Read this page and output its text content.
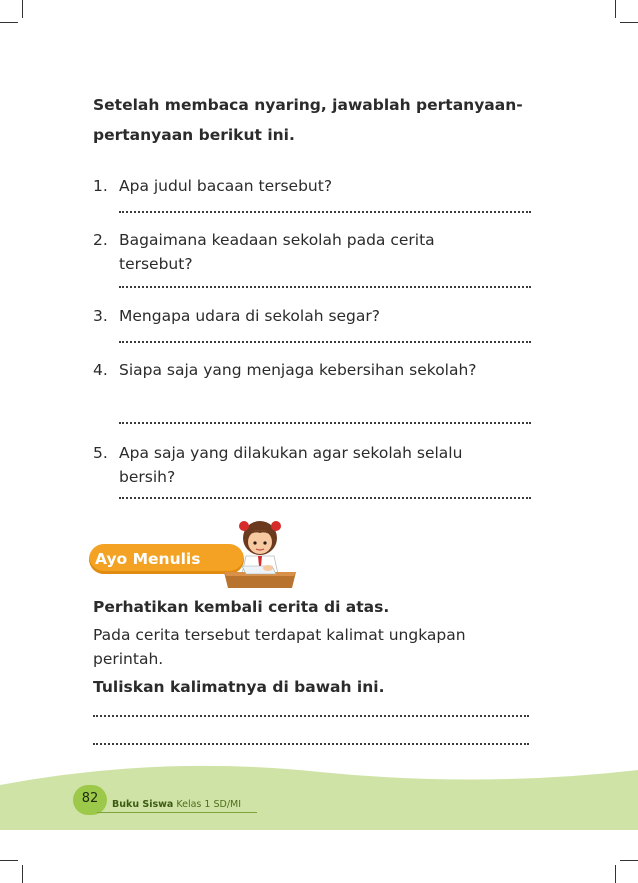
Setelah membaca nyaring, jawablah pertanyaan-
pertanyaan berikut ini.
1. Apa judul bacaan tersebut?
2. Bagaimana keadaan sekolah pada cerita tersebut?
3. Mengapa udara di sekolah segar?
4. Siapa saja yang menjaga kebersihan sekolah?
5. Apa saja yang dilakukan agar sekolah selalu bersih?
Ayo Menulis
Perhatikan kembali cerita di atas.
Pada cerita tersebut terdapat kalimat ungkapan perintah.
Tuliskan kalimatnya di bawah ini.
82	Buku Siswa Kelas 1 SD/MI
